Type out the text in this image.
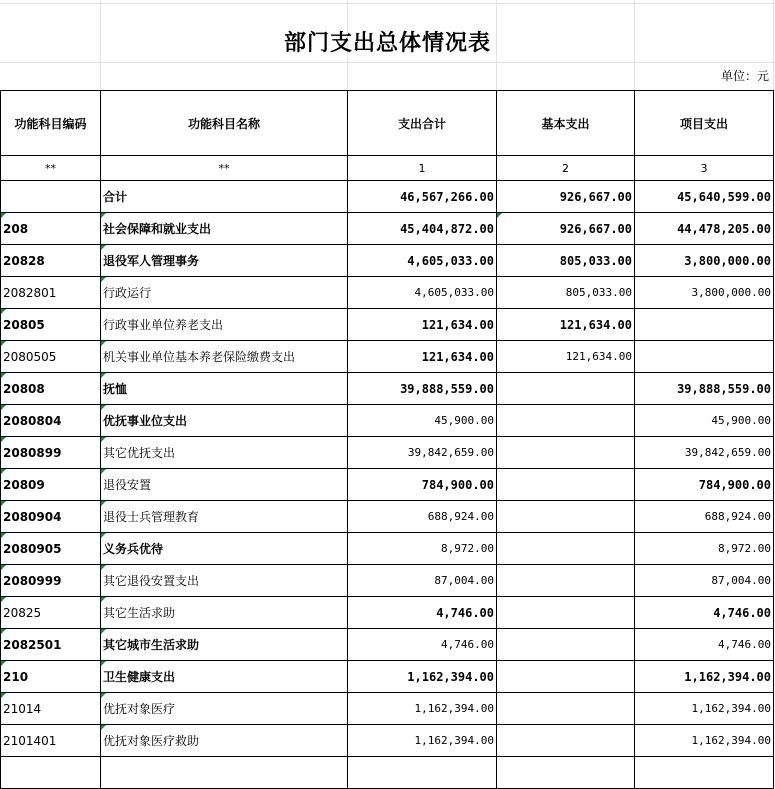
部门支出总体情况表
单位：元
功能科目编码	功能科目名称	支出合计	基本支出	项目支出
**	**	1	2	3
	合计	46,567,266.00	926,667.00	45,640,599.00

208	社会保障和就业支出	45,404,872.00	926,667.00	44,478,205.00
20828	退役军人管理事务	4,605,033.00	805,033.00	3,800,000.00
2082801	行政运行	4,605,033.00	805,033.00	3,800,000.00

20805	行政事业单位养老支出	121,634.00	121,634.00	

2080505	机关事业单位基本养老保险缴费支出	121,634.00	121,634.00	

20808	抚恤	39,888,559.00		39,888,559.00

2080804	优抚事业位支出	45,900.00		45,900.00

2080899	其它优抚支出	39,842,659.00		39,842,659.00

20809	退役安置	784,900.00		784,900.00

2080904	退役士兵管理教育	688,924.00		688,924.00

2080905	义务兵优待	8,972.00		8,972.00

2080999	其它退役安置支出	87,004.00		87,004.00

20825	其它生活求助	4,746.00		4,746.00

2082501	其它城市生活求助	4,746.00		4,746.00

210	卫生健康支出	1,162,394.00		1,162,394.00

21014	优抚对象医疗	1,162,394.00		1,162,394.00
2101401	优抚对象医疗救助	1,162,394.00		1,162,394.00
